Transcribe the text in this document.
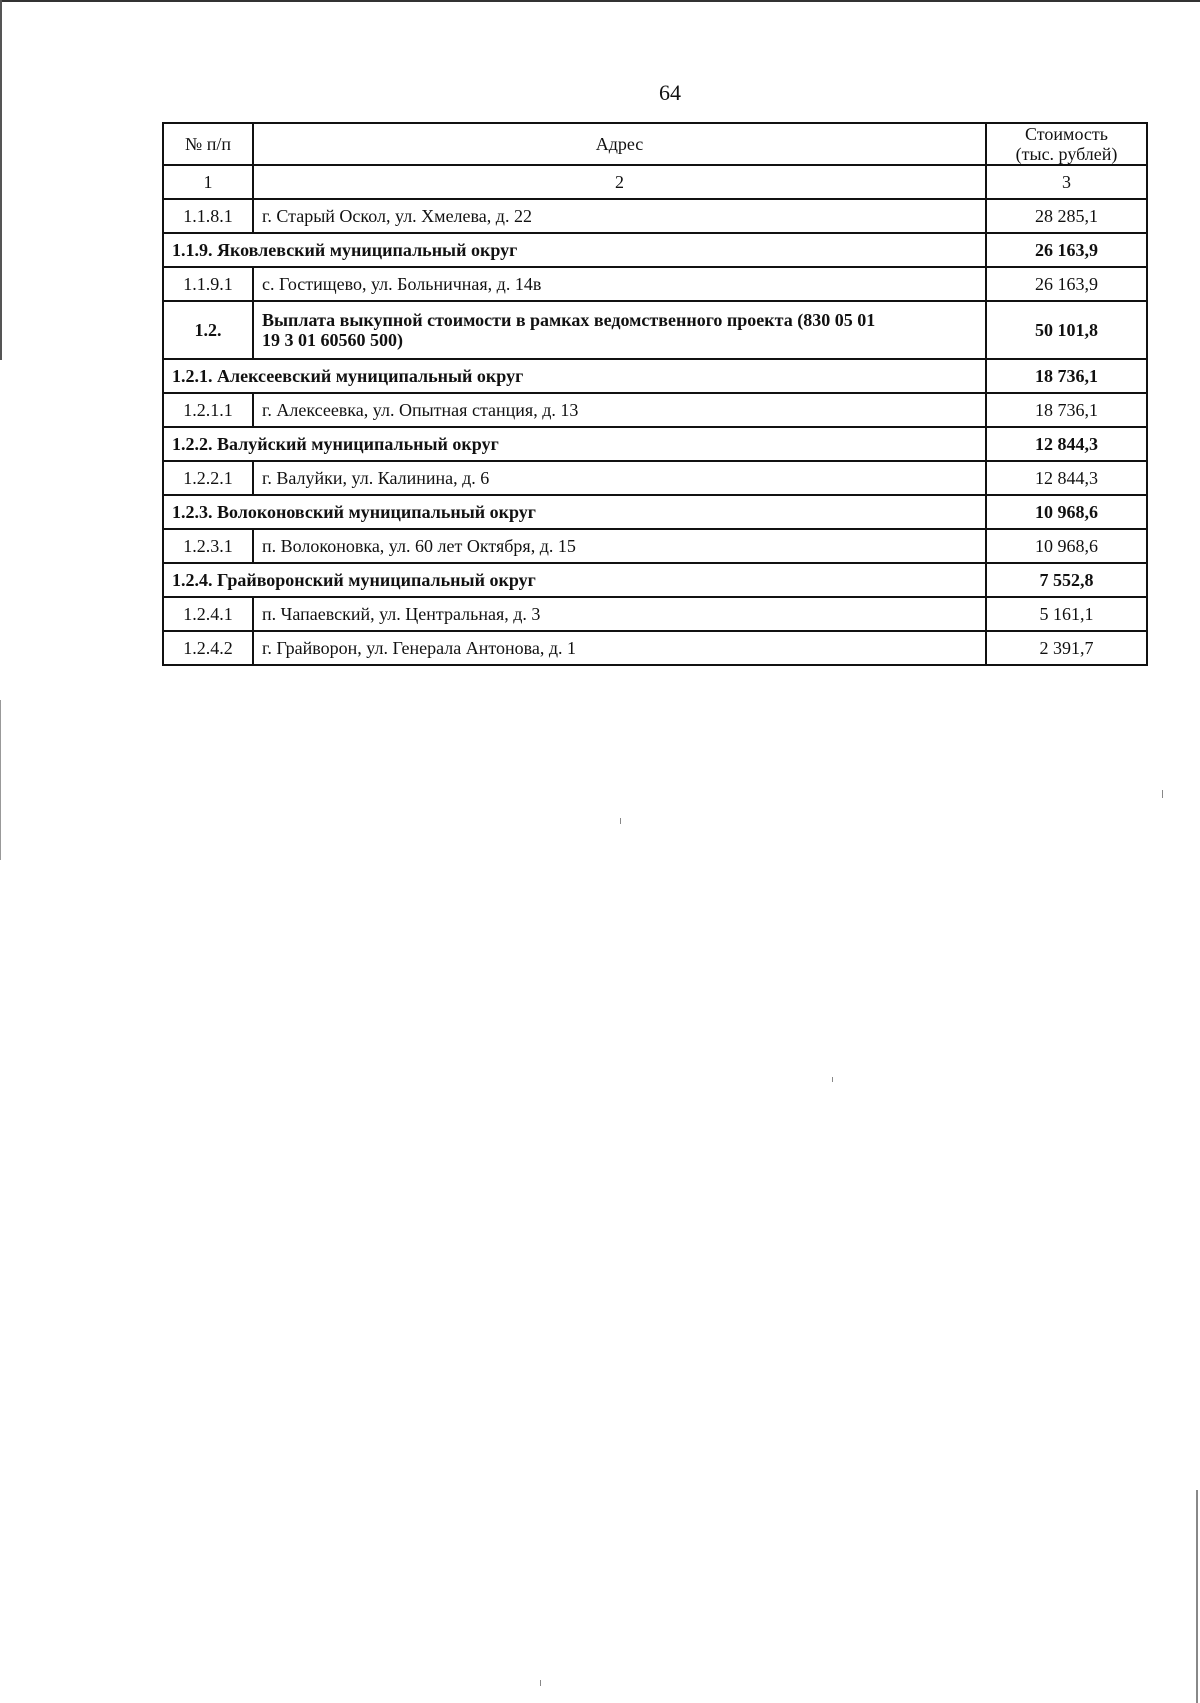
64
№ п/п	Адрес	Стоимость
(тыс. рублей)
1	2	3
1.1.8.1	г. Старый Оскол, ул. Хмелева, д. 22	28 285,1
1.1.9. Яковлевский муниципальный округ		26 163,9
1.1.9.1	с. Гостищево, ул. Больничная, д. 14в	26 163,9
1.2.	Выплата выкупной стоимости в рамках ведомственного проекта (830 05 01
19 3 01 60560 500)	50 101,8
1.2.1. Алексеевский муниципальный округ		18 736,1
1.2.1.1	г. Алексеевка, ул. Опытная станция, д. 13	18 736,1
1.2.2. Валуйский муниципальный округ		12 844,3
1.2.2.1	г. Валуйки, ул. Калинина, д. 6	12 844,3
1.2.3. Волоконовский муниципальный округ		10 968,6
1.2.3.1	п. Волоконовка, ул. 60 лет Октября, д. 15	10 968,6
1.2.4. Грайворонский муниципальный округ		7 552,8
1.2.4.1	п. Чапаевский, ул. Центральная, д. 3	5 161,1
1.2.4.2	г. Грайворон, ул. Генерала Антонова, д. 1	2 391,7
